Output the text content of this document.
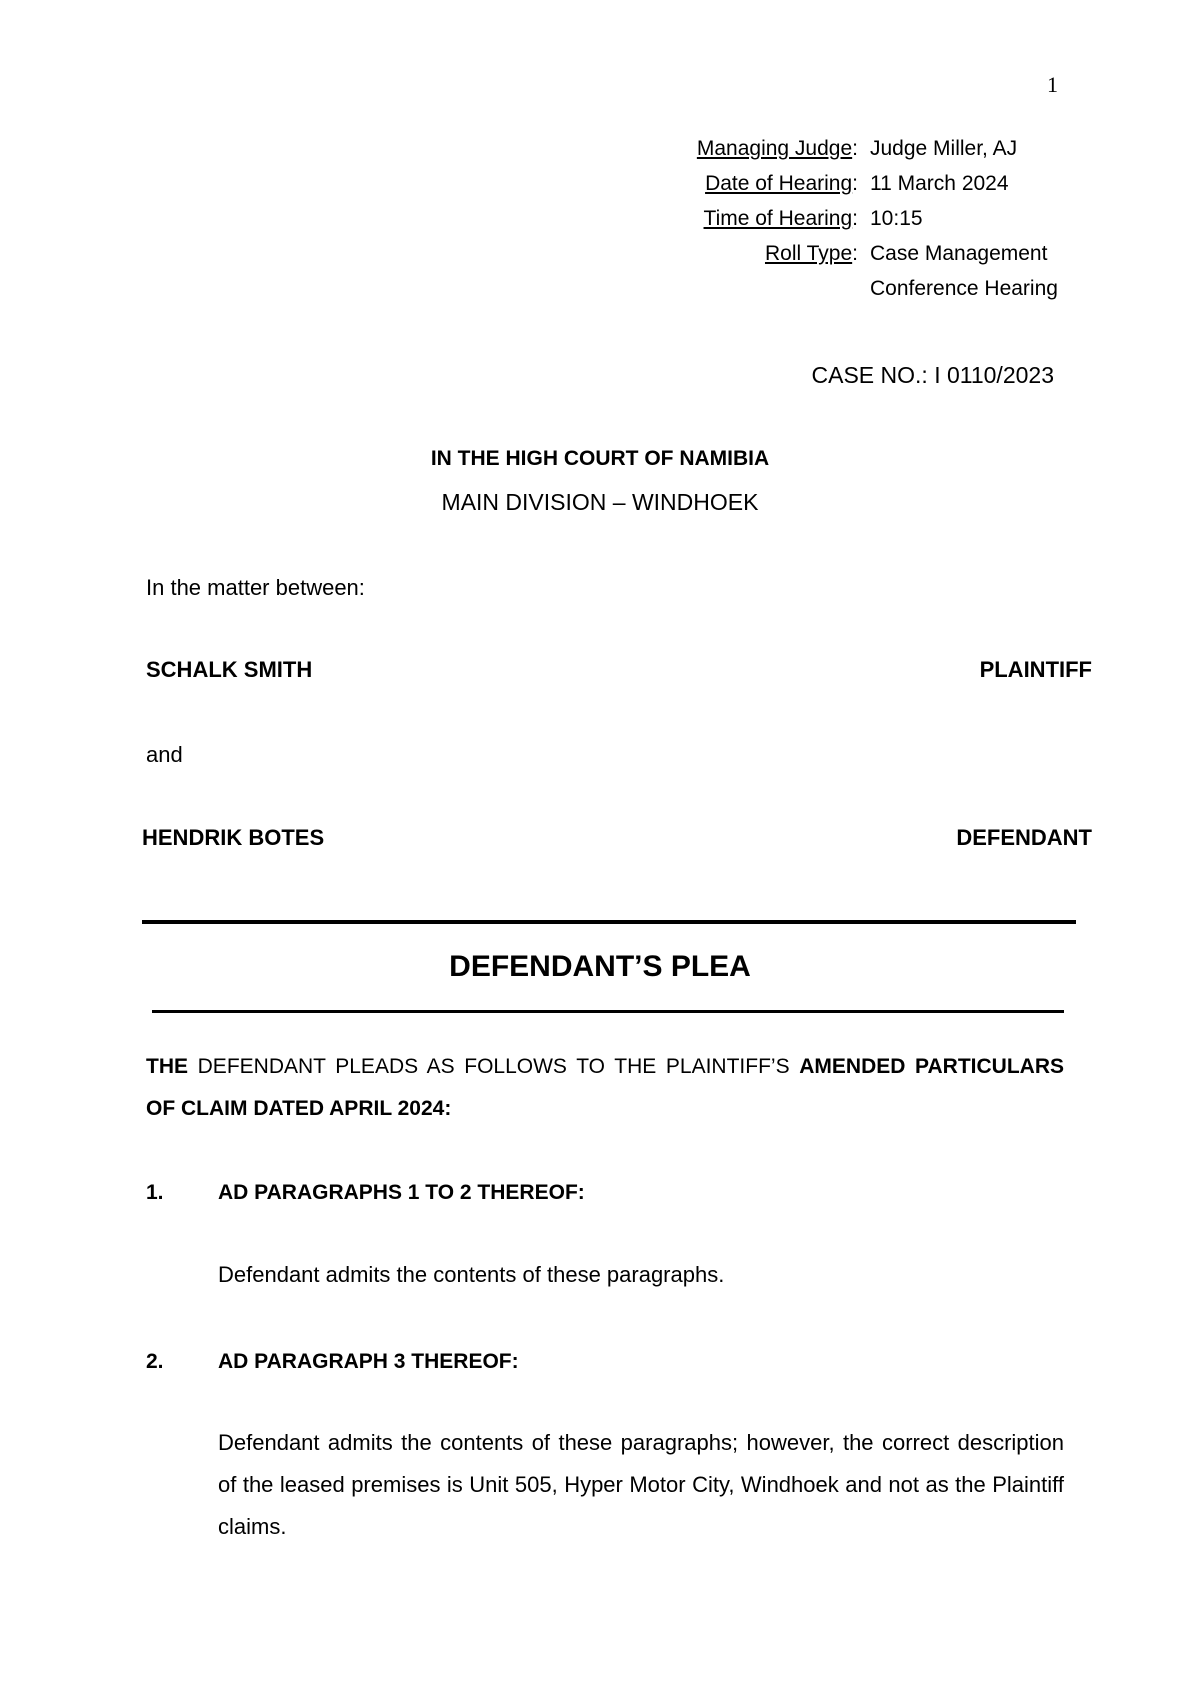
1
Managing Judge: Judge Miller, AJ
Date of Hearing: 11 March 2024
Time of Hearing: 10:15
Roll Type: Case Management
Conference Hearing
CASE NO.: I 0110/2023
IN THE HIGH COURT OF NAMIBIA
MAIN DIVISION – WINDHOEK
In the matter between:
SCHALK SMITH	PLAINTIFF
and
HENDRIK BOTES	DEFENDANT
DEFENDANT’S PLEA
THE DEFENDANT PLEADS AS FOLLOWS TO THE PLAINTIFF’S AMENDED PARTICULARS OF CLAIM DATED APRIL 2024:
1.	AD PARAGRAPHS 1 TO 2 THEREOF:
Defendant admits the contents of these paragraphs.
2.	AD PARAGRAPH 3 THEREOF:
Defendant admits the contents of these paragraphs; however, the correct description of the leased premises is Unit 505, Hyper Motor City, Windhoek and not as the Plaintiff claims.
